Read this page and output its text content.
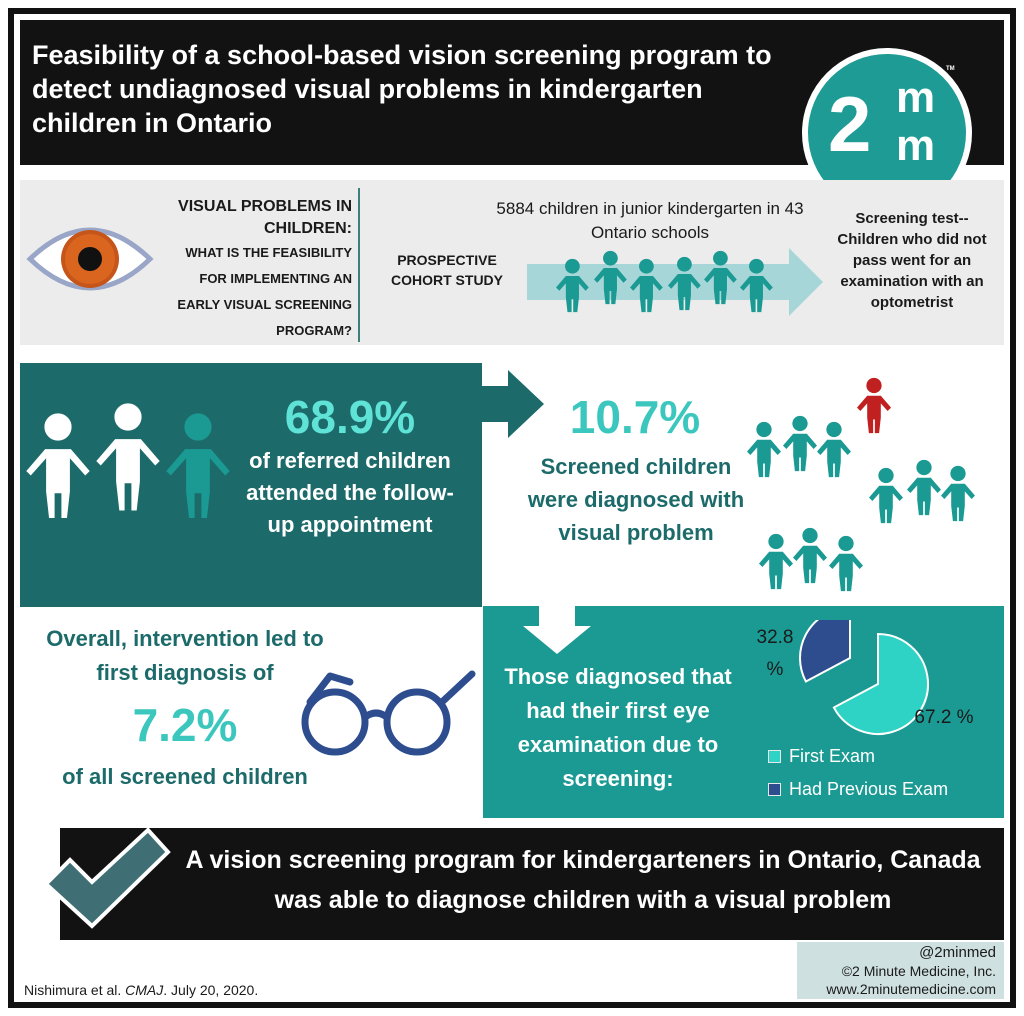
Feasibility of a school-based vision screening program to detect undiagnosed visual problems in kindergarten children in Ontario	2 m
m
TM
VISUAL PROBLEMS IN CHILDREN:
WHAT IS THE FEASIBILITY FOR IMPLEMENTING AN EARLY VISUAL SCREENING PROGRAM?
PROSPECTIVE COHORT STUDY
5884 children in junior kindergarten in 43 Ontario schools
Screening test-- Children who did not pass went for an examination with an optometrist
68.9%
of referred children attended the follow-up appointment
10.7%
Screened children were diagnosed with visual problem
Overall, intervention led to first diagnosis of
7.2%
of all screened children
Those diagnosed that had their first eye examination due to screening:
32.8 %
67.2 %
First Exam
Had Previous Exam
A vision screening program for kindergarteners in Ontario, Canada was able to diagnose children with a visual problem
@2minmed
©2 Minute Medicine, Inc.
www.2minutemedicine.com
Nishimura et al. CMAJ. July 20, 2020.
